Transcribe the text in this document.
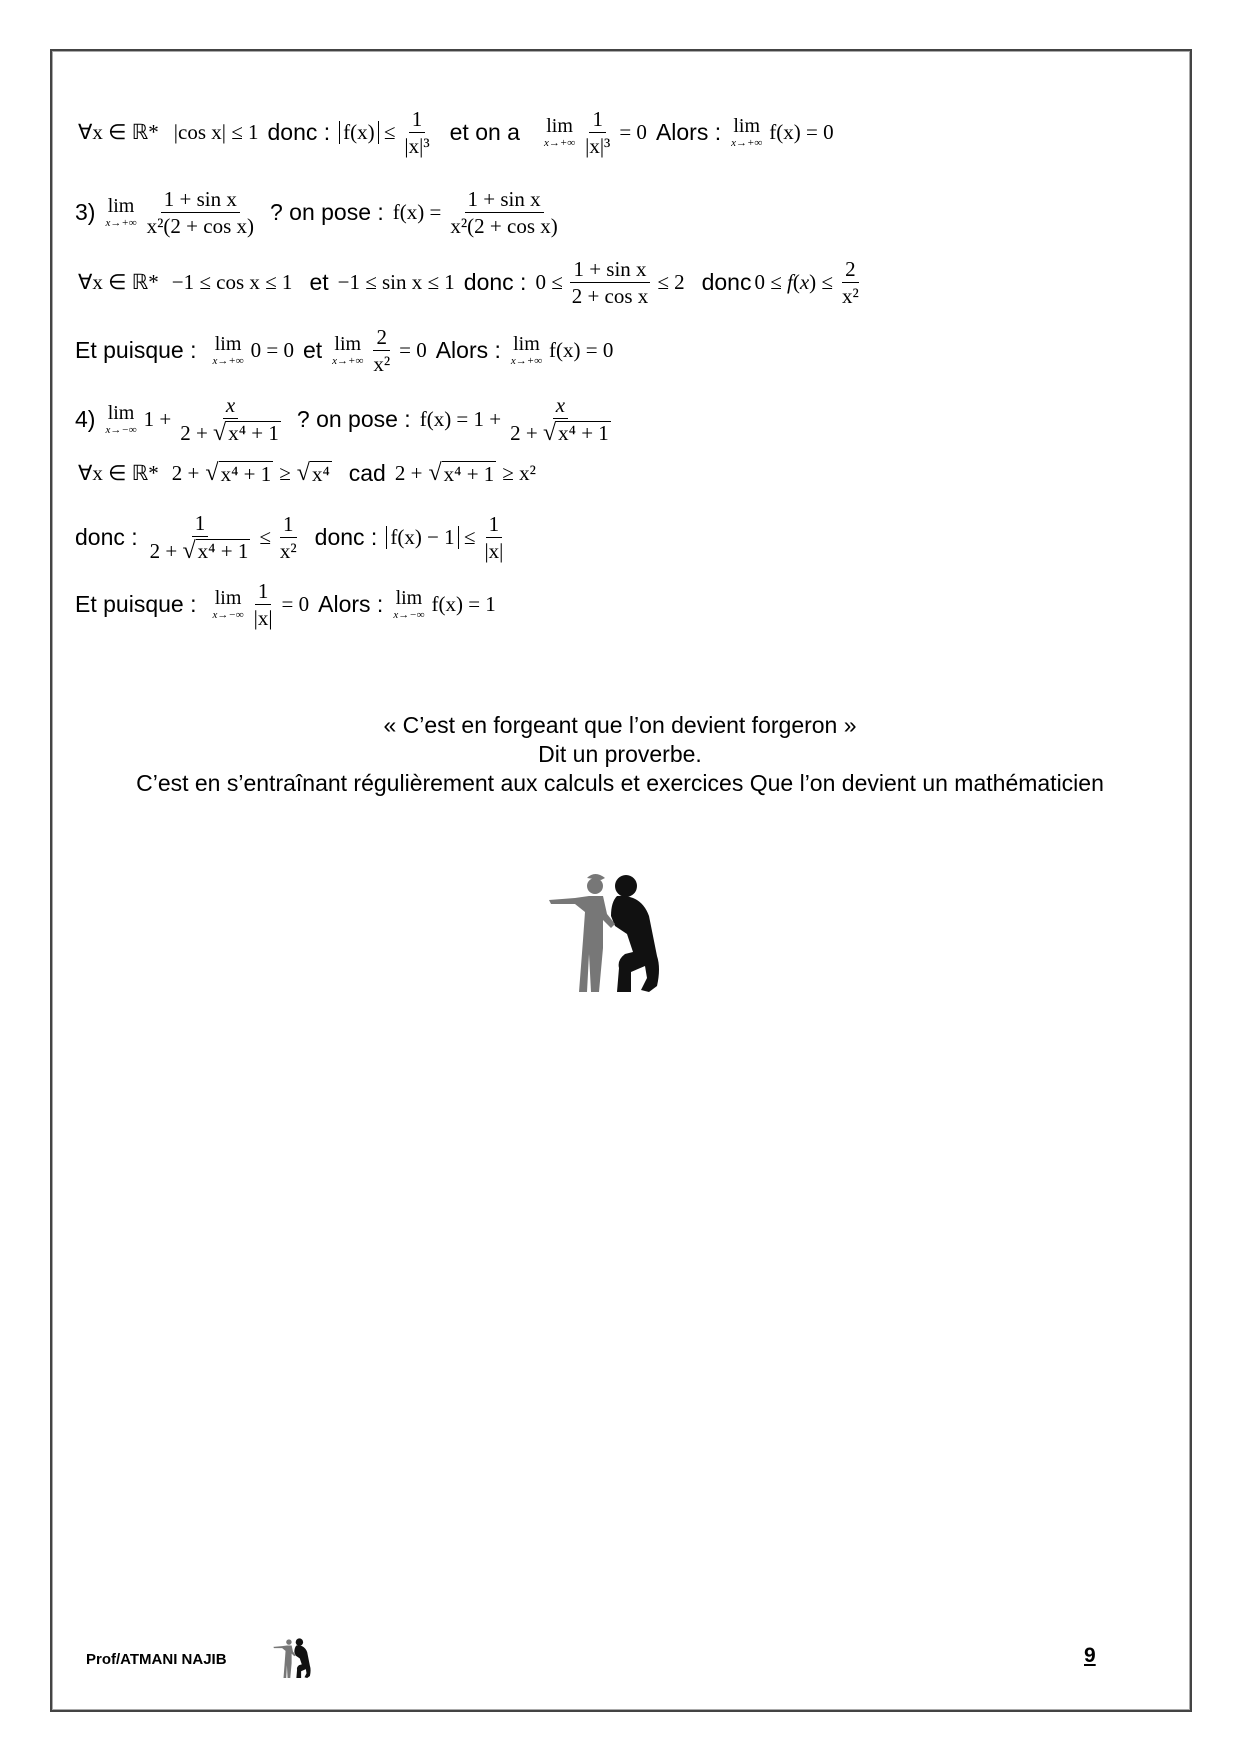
∀x ∈ ℝ* |cos x| ≤ 1 donc : $f(x) \le \frac{1}{\text{|x|³}}$ et on a lim
$x\to+\infty \frac{1}{\text{|x|³}} = 0$ Alors : lim
x→+∞ f(x) = 0
3) lim
$x\to+\infty \frac{\text{1 + sin x}}{\text{x²(2 + cos x)}}$ ? on pose : $f(x) = \frac{\text{1 + sin x}}{\text{x²(2 + cos x)}}$
∀x ∈ ℝ* −1 ≤ cos x ≤ 1 et −1 ≤ sin x ≤ 1 donc : $0 \le \frac{\text{1 + sin x}}{\text{2 + cos x}} \le 2$ donc 0 ≤ f ( x ) ≤ $\frac{2}{\text{x²}}$
Et puisque : lim
x→+∞ 0 = 0 et lim
$x\to+\infty \frac{2}{\text{x²}} = 0$ Alors : lim
x→+∞ f(x) = 0
4) lim
x→−∞ $1 + \frac{x}{\text{2 + √ x⁴ + 1}}$ ? on pose : $f(x) = 1 + \frac{x}{\text{2 + √ x⁴ + 1}}$
∀x ∈ ℝ* 2 + √ x⁴ + 1 ≥ √ x⁴ cad 2 + √ x⁴ + 1 ≥ x²
donc : $\frac{1}{\text{2 + √ x⁴ + 1}} \le \frac{1}{\text{x²}}$ donc : $f(x) - 1 \le \frac{1}{|x|}$
Et puisque : lim
$x\to-\infty \frac{1}{|x|} = 0$ Alors : lim
x→−∞ f(x) = 1
« C’est en forgeant que l’on devient forgeron »
Dit un proverbe.
C’est en s’entraînant régulièrement aux calculs et exercices Que l’on devient un mathématicien
Prof/ATMANI NAJIB	9
